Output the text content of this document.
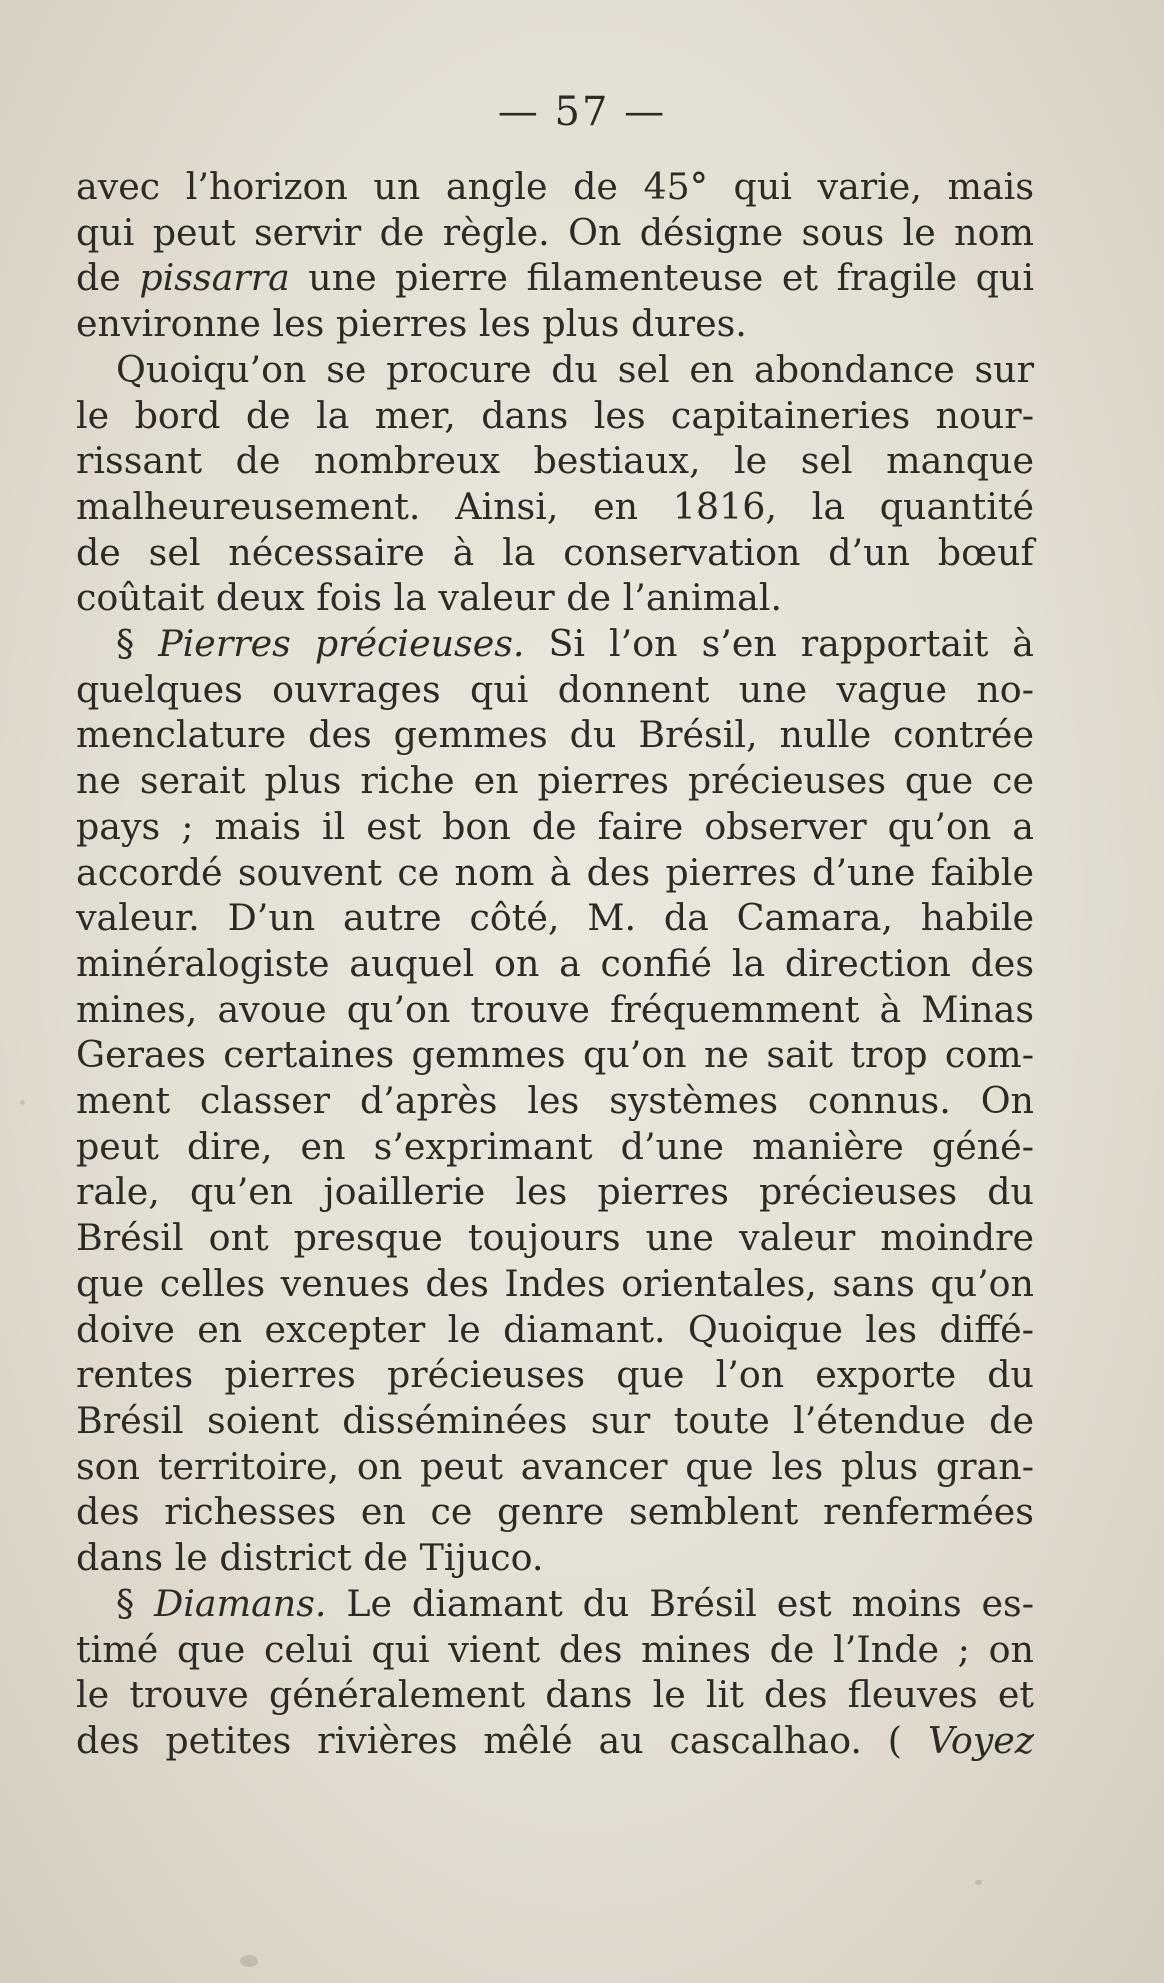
— 57 —
avec l’horizon un angle de 45° qui varie, mais
qui peut servir de règle. On désigne sous le nom
de pissarra une pierre filamenteuse et fragile qui
environne les pierres les plus dures.
Quoiqu’on se procure du sel en abondance sur
le bord de la mer, dans les capitaineries nour-
rissant de nombreux bestiaux, le sel manque
malheureusement. Ainsi, en 1816, la quantité
de sel nécessaire à la conservation d’un bœuf
coûtait deux fois la valeur de l’animal.
§ Pierres précieuses. Si l’on s’en rapportait à
quelques ouvrages qui donnent une vague no-
menclature des gemmes du Brésil, nulle contrée
ne serait plus riche en pierres précieuses que ce
pays ; mais il est bon de faire observer qu’on a
accordé souvent ce nom à des pierres d’une faible
valeur. D’un autre côté, M. da Camara, habile
minéralogiste auquel on a confié la direction des
mines, avoue qu’on trouve fréquemment à Minas
Geraes certaines gemmes qu’on ne sait trop com-
ment classer d’après les systèmes connus. On
peut dire, en s’exprimant d’une manière géné-
rale, qu’en joaillerie les pierres précieuses du
Brésil ont presque toujours une valeur moindre
que celles venues des Indes orientales, sans qu’on
doive en excepter le diamant. Quoique les diffé-
rentes pierres précieuses que l’on exporte du
Brésil soient disséminées sur toute l’étendue de
son territoire, on peut avancer que les plus gran-
des richesses en ce genre semblent renfermées
dans le district de Tijuco.
§ Diamans. Le diamant du Brésil est moins es-
timé que celui qui vient des mines de l’Inde ; on
le trouve généralement dans le lit des fleuves et
des petites rivières mêlé au cascalhao. ( Voyez
